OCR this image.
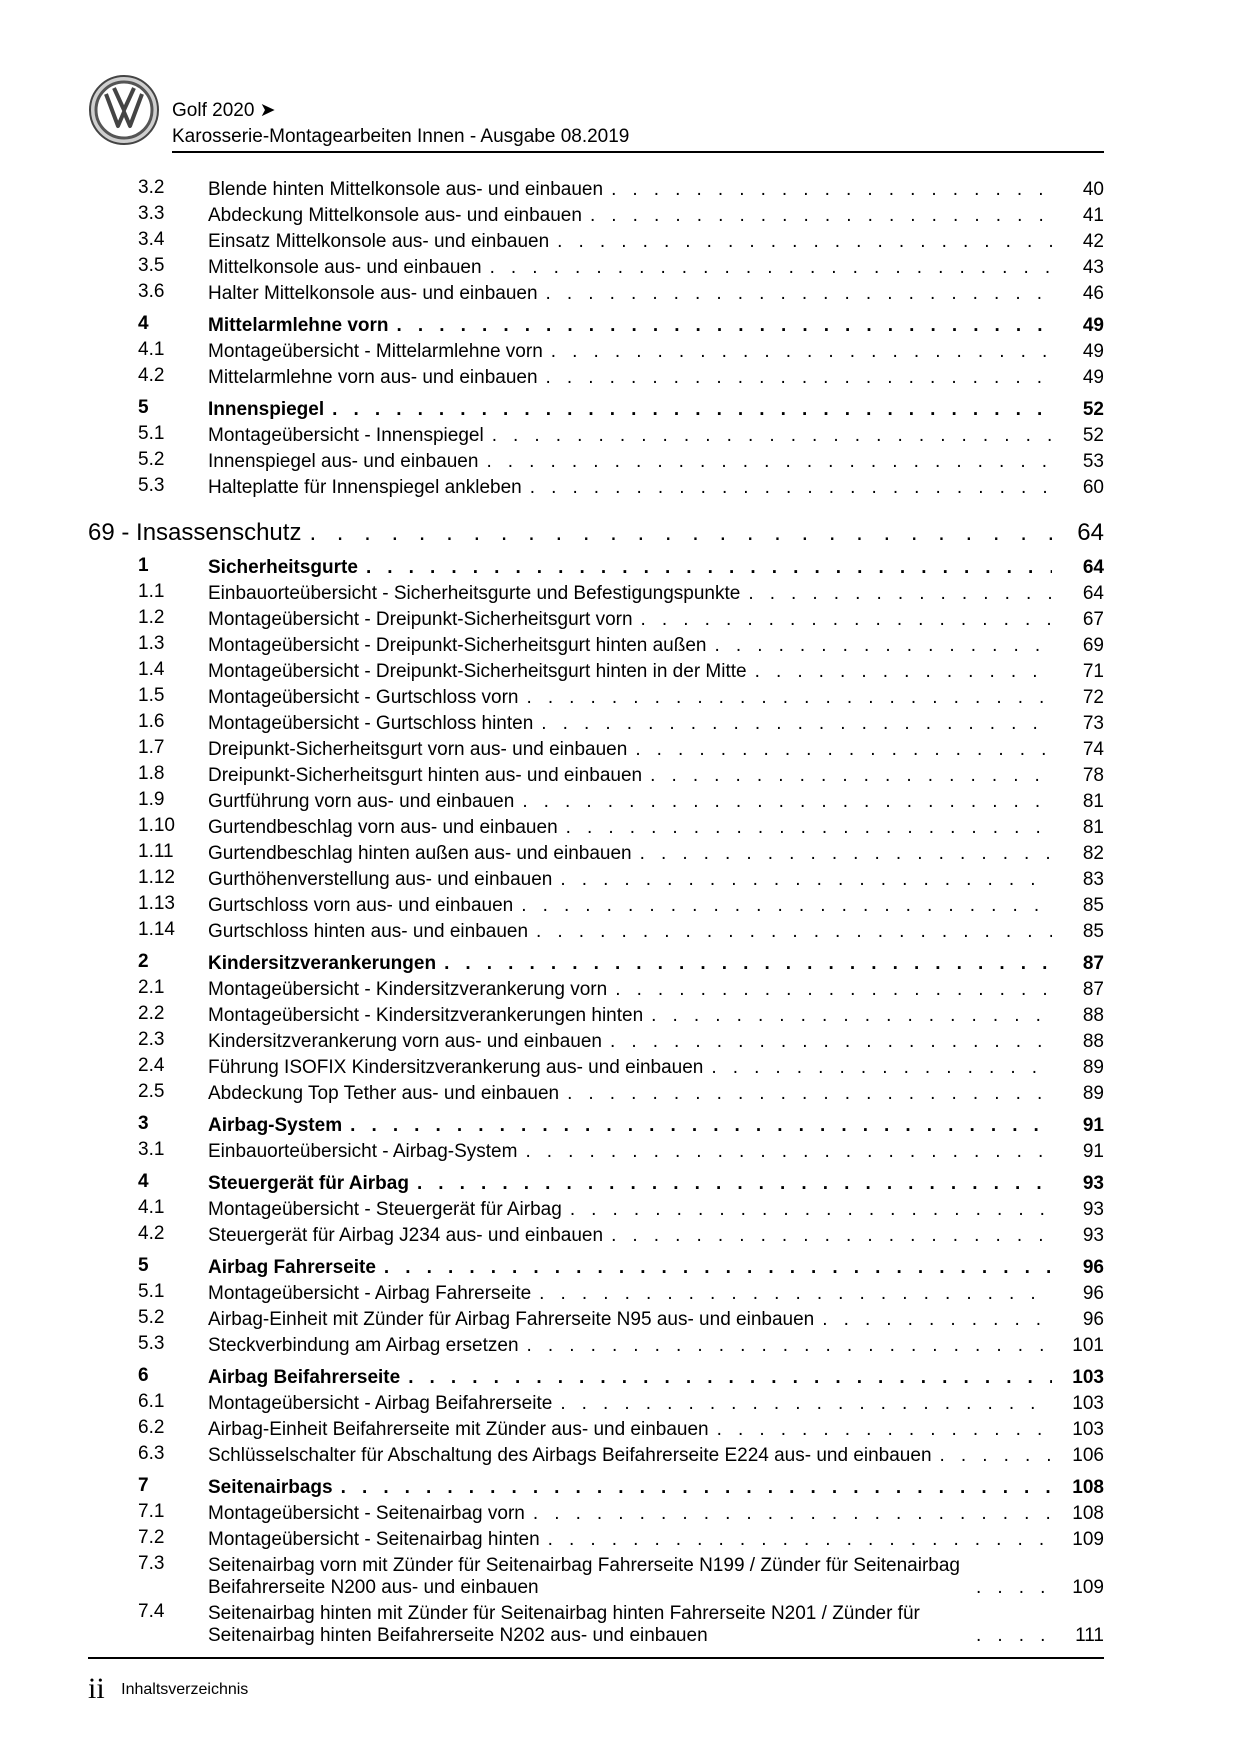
Golf 2020 ➤
Karosserie-Montagearbeiten Innen - Ausgabe 08.2019
3.2 Blende hinten Mittelkonsole aus- und einbauen . . .	40
3.3 Abdeckung Mittelkonsole aus- und einbauen . . .	41
3.4 Einsatz Mittelkonsole aus- und einbauen . . .	42
3.5 Mittelkonsole aus- und einbauen . . .	43
3.6 Halter Mittelkonsole aus- und einbauen . . .	46
4	Mittelarmlehne vorn . . .	49
4.1 Montageübersicht - Mittelarmlehne vorn . . .	49
4.2 Mittelarmlehne vorn aus- und einbauen . . .	49
5	Innenspiegel . . .	52
5.1 Montageübersicht - Innenspiegel . . .	52
5.2 Innenspiegel aus- und einbauen . . .	53
5.3 Halteplatte für Innenspiegel ankleben . . .	60
69 - Insassenschutz . . .	64
1	Sicherheitsgurte . . .	64
1.1 Einbauorteübersicht - Sicherheitsgurte und Befestigungspunkte . . .	64
1.2 Montageübersicht - Dreipunkt-Sicherheitsgurt vorn . . .	67
1.3 Montageübersicht - Dreipunkt-Sicherheitsgurt hinten außen . . .	69
1.4 Montageübersicht - Dreipunkt-Sicherheitsgurt hinten in der Mitte . . .	71
1.5 Montageübersicht - Gurtschloss vorn . . .	72
1.6 Montageübersicht - Gurtschloss hinten . . .	73
1.7 Dreipunkt-Sicherheitsgurt vorn aus- und einbauen . . .	74
1.8 Dreipunkt-Sicherheitsgurt hinten aus- und einbauen . . .	78
1.9 Gurtführung vorn aus- und einbauen . . .	81
1.10 Gurtendbeschlag vorn aus- und einbauen . . .	81
1.11 Gurtendbeschlag hinten außen aus- und einbauen . . .	82
1.12 Gurthöhenverstellung aus- und einbauen . . .	83
1.13 Gurtschloss vorn aus- und einbauen . . .	85
1.14 Gurtschloss hinten aus- und einbauen . . .	85
2	Kindersitzverankerungen . . .	87
2.1 Montageübersicht - Kindersitzverankerung vorn . . .	87
2.2 Montageübersicht - Kindersitzverankerungen hinten . . .	88
2.3 Kindersitzverankerung vorn aus- und einbauen . . .	88
2.4 Führung ISOFIX Kindersitzverankerung aus- und einbauen . . .	89
2.5 Abdeckung Top Tether aus- und einbauen . . .	89
3	Airbag-System . . .	91
3.1 Einbauorteübersicht - Airbag-System . . .	91
4	Steuergerät für Airbag . . .	93
4.1 Montageübersicht - Steuergerät für Airbag . . .	93
4.2 Steuergerät für Airbag J234 aus- und einbauen . . .	93
5	Airbag Fahrerseite . . .	96
5.1 Montageübersicht - Airbag Fahrerseite . . .	96
5.2 Airbag-Einheit mit Zünder für Airbag Fahrerseite N95 aus- und einbauen . . .	96
5.3 Steckverbindung am Airbag ersetzen . . .	101
6	Airbag Beifahrerseite . . .	103
6.1 Montageübersicht - Airbag Beifahrerseite . . .	103
6.2 Airbag-Einheit Beifahrerseite mit Zünder aus- und einbauen . . .	103
6.3 Schlüsselschalter für Abschaltung des Airbags Beifahrerseite E224 aus- und einbauen . . .	106
7	Seitenairbags . . .	108
7.1 Montageübersicht - Seitenairbag vorn . . .	108
7.2 Montageübersicht - Seitenairbag hinten . . .	109
7.3 Seitenairbag vorn mit Zünder für Seitenairbag Fahrerseite N199 / Zünder für Seitenairbag Beifahrerseite N200 aus- und einbauen . . .	109
7.4 Seitenairbag hinten mit Zünder für Seitenairbag hinten Fahrerseite N201 / Zünder für Seitenairbag hinten Beifahrerseite N202 aus- und einbauen . . .	111
ii Inhaltsverzeichnis
